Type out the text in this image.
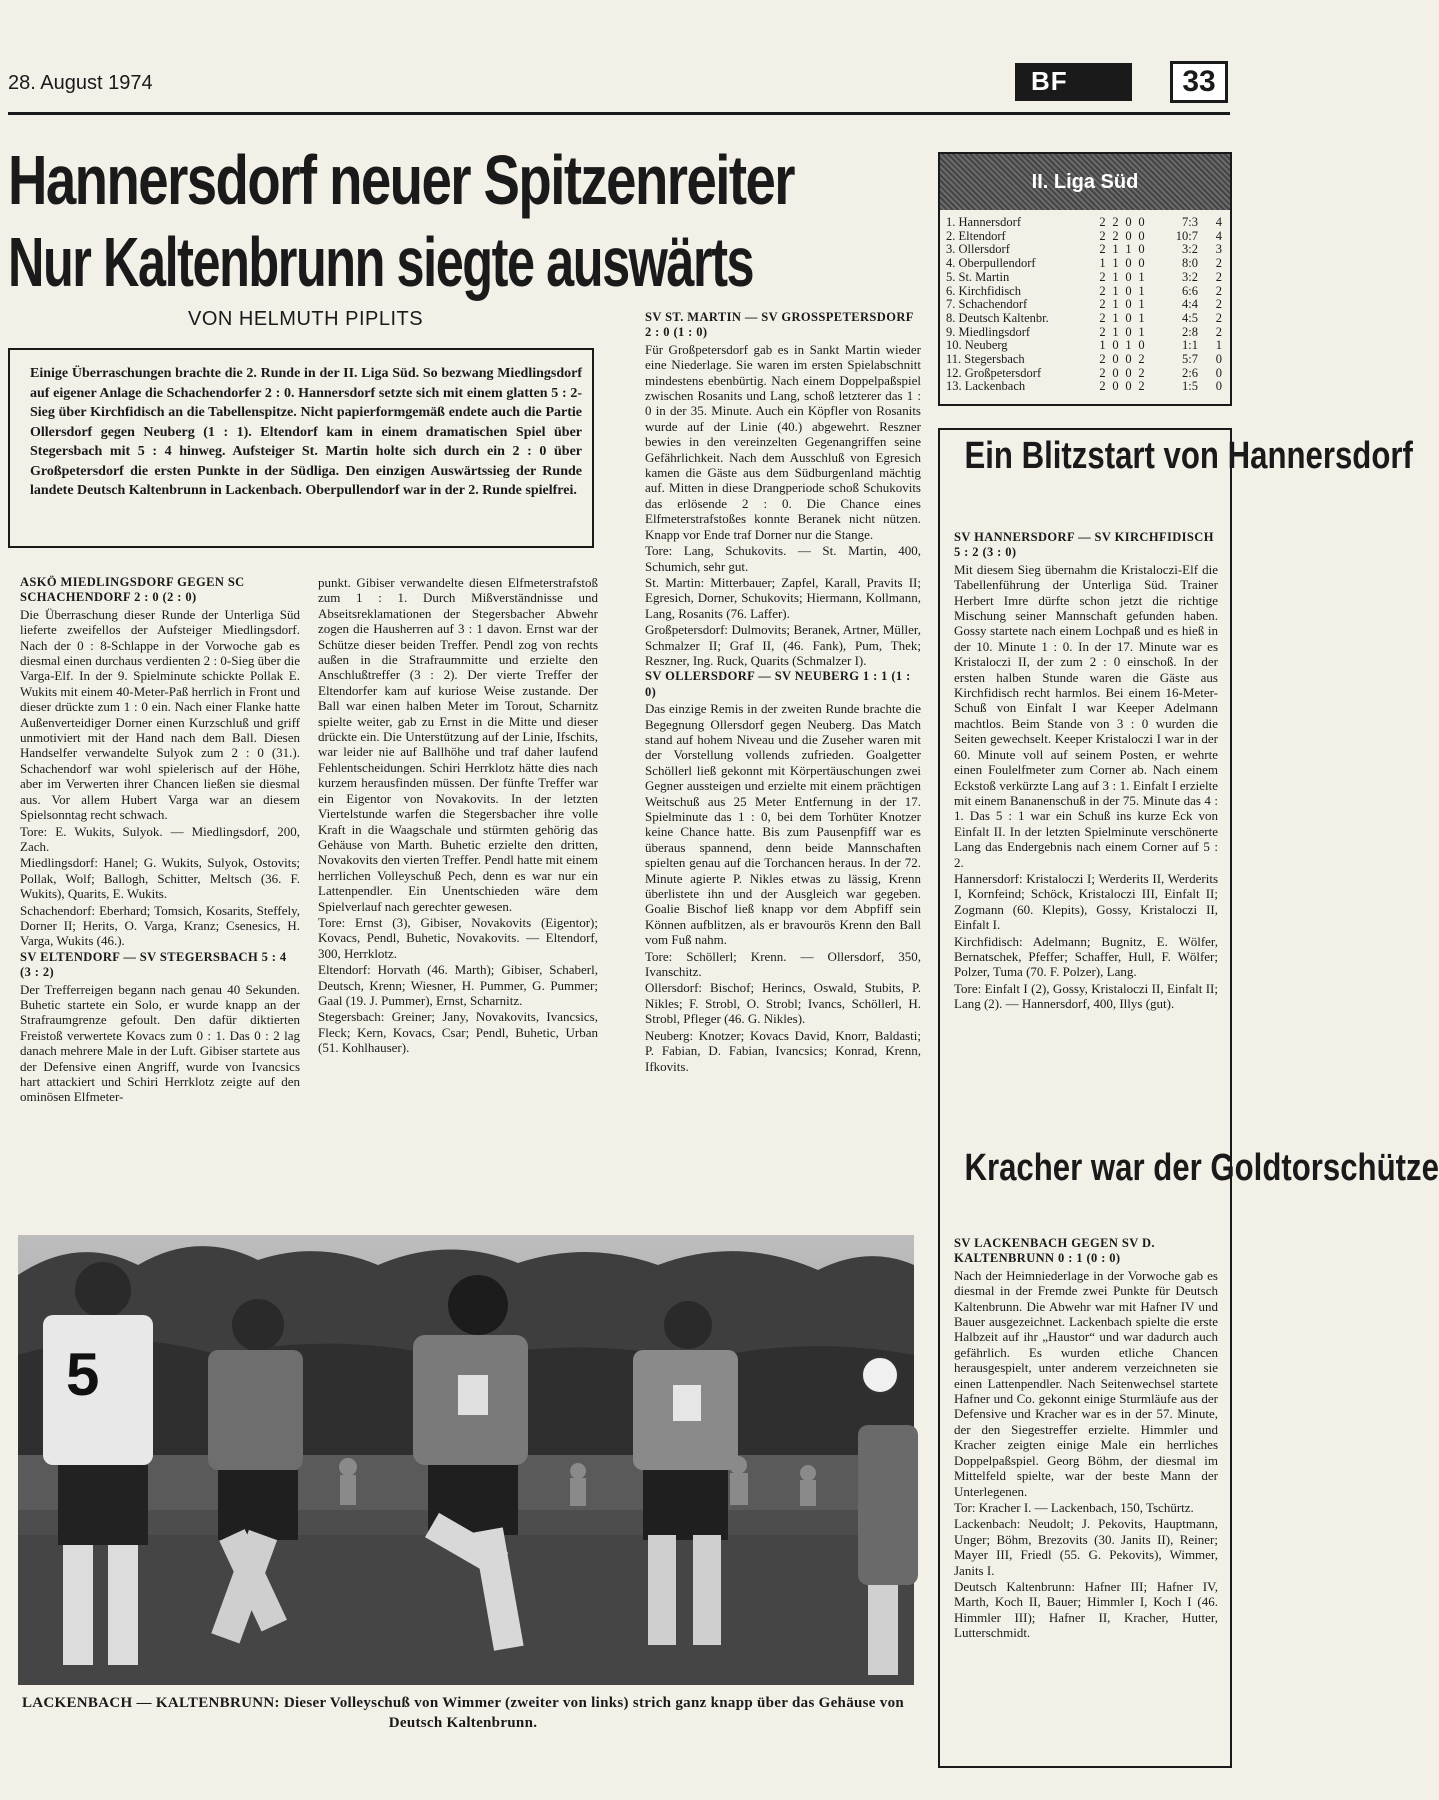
28. August 1974	BF	33
Hannersdorf neuer Spitzenreiter
Nur Kaltenbrunn siegte auswärts
VON HELMUTH PIPLITS
Einige Überraschungen brachte die 2. Runde in der II. Liga Süd. So bezwang Miedlingsdorf auf eigener Anlage die Schachendorfer 2 : 0. Hannersdorf setzte sich mit einem glatten 5 : 2-Sieg über Kirchfidisch an die Tabellenspitze. Nicht papierformgemäß endete auch die Partie Ollersdorf gegen Neuberg (1 : 1). Eltendorf kam in einem dramatischen Spiel über Stegersbach mit 5 : 4 hinweg. Aufsteiger St. Martin holte sich durch ein 2 : 0 über Großpetersdorf die ersten Punkte in der Südliga. Den einzigen Auswärtssieg der Runde landete Deutsch Kaltenbrunn in Lackenbach. Oberpullendorf war in der 2. Runde spielfrei.

ASKÖ MIEDLINGSDORF GEGEN SC SCHACHENDORF 2 : 0 (2 : 0)

Die Überraschung dieser Runde der Unterliga Süd lieferte zweifellos der Aufsteiger Miedlingsdorf. Nach der 0 : 8-Schlappe in der Vorwoche gab es diesmal einen durchaus verdienten 2 : 0-Sieg über die Varga-Elf. In der 9. Spielminute schickte Pollak E. Wukits mit einem 40-Meter-Paß herrlich in Front und dieser drückte zum 1 : 0 ein. Nach einer Flanke hatte Außenverteidiger Dorner einen Kurzschluß und griff unmotiviert mit der Hand nach dem Ball. Diesen Handselfer verwandelte Sulyok zum 2 : 0 (31.). Schachendorf war wohl spielerisch auf der Höhe, aber im Verwerten ihrer Chancen ließen sie diesmal aus. Vor allem Hubert Varga war an diesem Spielsonntag recht schwach.

Tore: E. Wukits, Sulyok. — Miedlingsdorf, 200, Zach.

Miedlingsdorf: Hanel; G. Wukits, Sulyok, Ostovits; Pollak, Wolf; Ballogh, Schitter, Meltsch (36. F. Wukits), Quarits, E. Wukits.

Schachendorf: Eberhard; Tomsich, Kosarits, Steffely, Dorner II; Herits, O. Varga, Kranz; Csenesics, H. Varga, Wukits (46.).

SV ELTENDORF — SV STEGERSBACH 5 : 4 (3 : 2)

Der Trefferreigen begann nach genau 40 Sekunden. Buhetic startete ein Solo, er wurde knapp an der Strafraumgrenze gefoult. Den dafür diktierten Freistoß verwertete Kovacs zum 0 : 1. Das 0 : 2 lag danach mehrere Male in der Luft. Gibiser startete aus der Defensive einen Angriff, wurde von Ivancsics hart attackiert und Schiri Herrklotz zeigte auf den ominösen Elfmeter-

punkt. Gibiser verwandelte diesen Elfmeterstrafstoß zum 1 : 1. Durch Mißverständnisse und Abseitsreklamationen der Stegersbacher Abwehr zogen die Hausherren auf 3 : 1 davon. Ernst war der Schütze dieser beiden Treffer. Pendl zog von rechts außen in die Strafraummitte und erzielte den Anschlußtreffer (3 : 2). Der vierte Treffer der Eltendorfer kam auf kuriose Weise zustande. Der Ball war einen halben Meter im Torout, Scharnitz spielte weiter, gab zu Ernst in die Mitte und dieser drückte ein. Die Unterstützung auf der Linie, Ifschits, war leider nie auf Ballhöhe und traf daher laufend Fehlentscheidungen. Schiri Herrklotz hätte dies nach kurzem herausfinden müssen. Der fünfte Treffer war ein Eigentor von Novakovits. In der letzten Viertelstunde warfen die Stegersbacher ihre volle Kraft in die Waagschale und stürmten gehörig das Gehäuse von Marth. Buhetic erzielte den dritten, Novakovits den vierten Treffer. Pendl hatte mit einem herrlichen Volleyschuß Pech, denn es war nur ein Lattenpendler. Ein Unentschieden wäre dem Spielverlauf nach gerechter gewesen.

Tore: Ernst (3), Gibiser, Novakovits (Eigentor); Kovacs, Pendl, Buhetic, Novakovits. — Eltendorf, 300, Herrklotz.

Eltendorf: Horvath (46. Marth); Gibiser, Schaberl, Deutsch, Krenn; Wiesner, H. Pummer, G. Pummer; Gaal (19. J. Pummer), Ernst, Scharnitz.

Stegersbach: Greiner; Jany, Novakovits, Ivancsics, Fleck; Kern, Kovacs, Csar; Pendl, Buhetic, Urban (51. Kohlhauser).

SV ST. MARTIN — SV GROSSPETERSDORF 2 : 0 (1 : 0)

Für Großpetersdorf gab es in Sankt Martin wieder eine Niederlage. Sie waren im ersten Spielabschnitt mindestens ebenbürtig. Nach einem Doppelpaßspiel zwischen Rosanits und Lang, schoß letzterer das 1 : 0 in der 35. Minute. Auch ein Köpfler von Rosanits wurde auf der Linie (40.) abgewehrt. Reszner bewies in den vereinzelten Gegenangriffen seine Gefährlichkeit. Nach dem Ausschluß von Egresich kamen die Gäste aus dem Südburgenland mächtig auf. Mitten in diese Drangperiode schoß Schukovits das erlösende 2 : 0. Die Chance eines Elfmeterstrafstoßes konnte Beranek nicht nützen. Knapp vor Ende traf Dorner nur die Stange.

Tore: Lang, Schukovits. — St. Martin, 400, Schumich, sehr gut.

St. Martin: Mitterbauer; Zapfel, Karall, Pravits II; Egresich, Dorner, Schukovits; Hiermann, Kollmann, Lang, Rosanits (76. Laffer).

Großpetersdorf: Dulmovits; Beranek, Artner, Müller, Schmalzer II; Graf II, (46. Fank), Pum, Thek; Reszner, Ing. Ruck, Quarits (Schmalzer I).

SV OLLERSDORF — SV NEUBERG 1 : 1 (1 : 0)

Das einzige Remis in der zweiten Runde brachte die Begegnung Ollersdorf gegen Neuberg. Das Match stand auf hohem Niveau und die Zuseher waren mit der Vorstellung vollends zufrieden. Goalgetter Schöllerl ließ gekonnt mit Körpertäuschungen zwei Gegner aussteigen und erzielte mit einem prächtigen Weitschuß aus 25 Meter Entfernung in der 17. Spielminute das 1 : 0, bei dem Torhüter Knotzer keine Chance hatte. Bis zum Pausenpfiff war es überaus spannend, denn beide Mannschaften spielten genau auf die Torchancen heraus. In der 72. Minute agierte P. Nikles etwas zu lässig, Krenn überlistete ihn und der Ausgleich war gegeben. Goalie Bischof ließ knapp vor dem Abpfiff sein Können aufblitzen, als er bravourös Krenn den Ball vom Fuß nahm.

Tore: Schöllerl; Krenn. — Ollersdorf, 350, Ivanschitz.

Ollersdorf: Bischof; Herincs, Oswald, Stubits, P. Nikles; F. Strobl, O. Strobl; Ivancs, Schöllerl, H. Strobl, Pfleger (46. G. Nikles).

Neuberg: Knotzer; Kovacs David, Knorr, Baldasti; P. Fabian, D. Fabian, Ivancsics; Konrad, Krenn, Ifkovits.

II. Liga Süd
1. Hannersdorf	2 2 0 0	7:3	4
2. Eltendorf	2 2 0 0	10:7	4
3. Ollersdorf	2 1 1 0	3:2	3
4. Oberpullendorf	1 1 0 0	8:0	2
5. St. Martin	2 1 0 1	3:2	2
6. Kirchfidisch	2 1 0 1	6:6	2
7. Schachendorf	2 1 0 1	4:4	2
8. Deutsch Kaltenbr.	2 1 0 1	4:5	2
9. Miedlingsdorf	2 1 0 1	2:8	2
10. Neuberg	1 0 1 0	1:1	1
11. Stegersbach	2 0 0 2	5:7	0
12. Großpetersdorf	2 0 0 2	2:6	0
13. Lackenbach	2 0 0 2	1:5	0
Ein Blitzstart von Hannersdorf

SV HANNERSDORF — SV KIRCHFIDISCH 5 : 2 (3 : 0)

Mit diesem Sieg übernahm die Kristaloczi-Elf die Tabellenführung der Unterliga Süd. Trainer Herbert Imre dürfte schon jetzt die richtige Mischung seiner Mannschaft gefunden haben. Gossy startete nach einem Lochpaß und es hieß in der 10. Minute 1 : 0. In der 17. Minute war es Kristaloczi II, der zum 2 : 0 einschoß. In der ersten halben Stunde waren die Gäste aus Kirchfidisch recht harmlos. Bei einem 16-Meter-Schuß von Einfalt I war Keeper Adelmann machtlos. Beim Stande von 3 : 0 wurden die Seiten gewechselt. Keeper Kristaloczi I war in der 60. Minute voll auf seinem Posten, er wehrte einen Foulelfmeter zum Corner ab. Nach einem Eckstoß verkürzte Lang auf 3 : 1. Einfalt I erzielte mit einem Bananenschuß in der 75. Minute das 4 : 1. Das 5 : 1 war ein Schuß ins kurze Eck von Einfalt II. In der letzten Spielminute verschönerte Lang das Endergebnis nach einem Corner auf 5 : 2.

Hannersdorf: Kristaloczi I; Werderits II, Werderits I, Kornfeind; Schöck, Kristaloczi III, Einfalt II; Zogmann (60. Klepits), Gossy, Kristaloczi II, Einfalt I.

Kirchfidisch: Adelmann; Bugnitz, E. Wölfer, Bernatschek, Pfeffer; Schaffer, Hull, F. Wölfer; Polzer, Tuma (70. F. Polzer), Lang.

Tore: Einfalt I (2), Gossy, Kristaloczi II, Einfalt II; Lang (2). — Hannersdorf, 400, Illys (gut).

Kracher war der Goldtorschütze

SV LACKENBACH GEGEN SV D. KALTENBRUNN 0 : 1 (0 : 0)

Nach der Heimniederlage in der Vorwoche gab es diesmal in der Fremde zwei Punkte für Deutsch Kaltenbrunn. Die Abwehr war mit Hafner IV und Bauer ausgezeichnet. Lackenbach spielte die erste Halbzeit auf ihr „Haustor“ und war dadurch auch gefährlich. Es wurden etliche Chancen herausgespielt, unter anderem verzeichneten sie einen Lattenpendler. Nach Seitenwechsel startete Hafner und Co. gekonnt einige Sturmläufe aus der Defensive und Kracher war es in der 57. Minute, der den Siegestreffer erzielte. Himmler und Kracher zeigten einige Male ein herrliches Doppelpaßspiel. Georg Böhm, der diesmal im Mittelfeld spielte, war der beste Mann der Unterlegenen.

Tor: Kracher I. — Lackenbach, 150, Tschürtz.

Lackenbach: Neudolt; J. Pekovits, Hauptmann, Unger; Böhm, Brezovits (30. Janits II), Reiner; Mayer III, Friedl (55. G. Pekovits), Wimmer, Janits I.

Deutsch Kaltenbrunn: Hafner III; Hafner IV, Marth, Koch II, Bauer; Himmler I, Koch I (46. Himmler III); Hafner II, Kracher, Hutter, Lutterschmidt.

5
LACKENBACH — KALTENBRUNN: Dieser Volleyschuß von Wimmer (zweiter von links) strich ganz knapp über das Gehäuse von Deutsch Kaltenbrunn.
